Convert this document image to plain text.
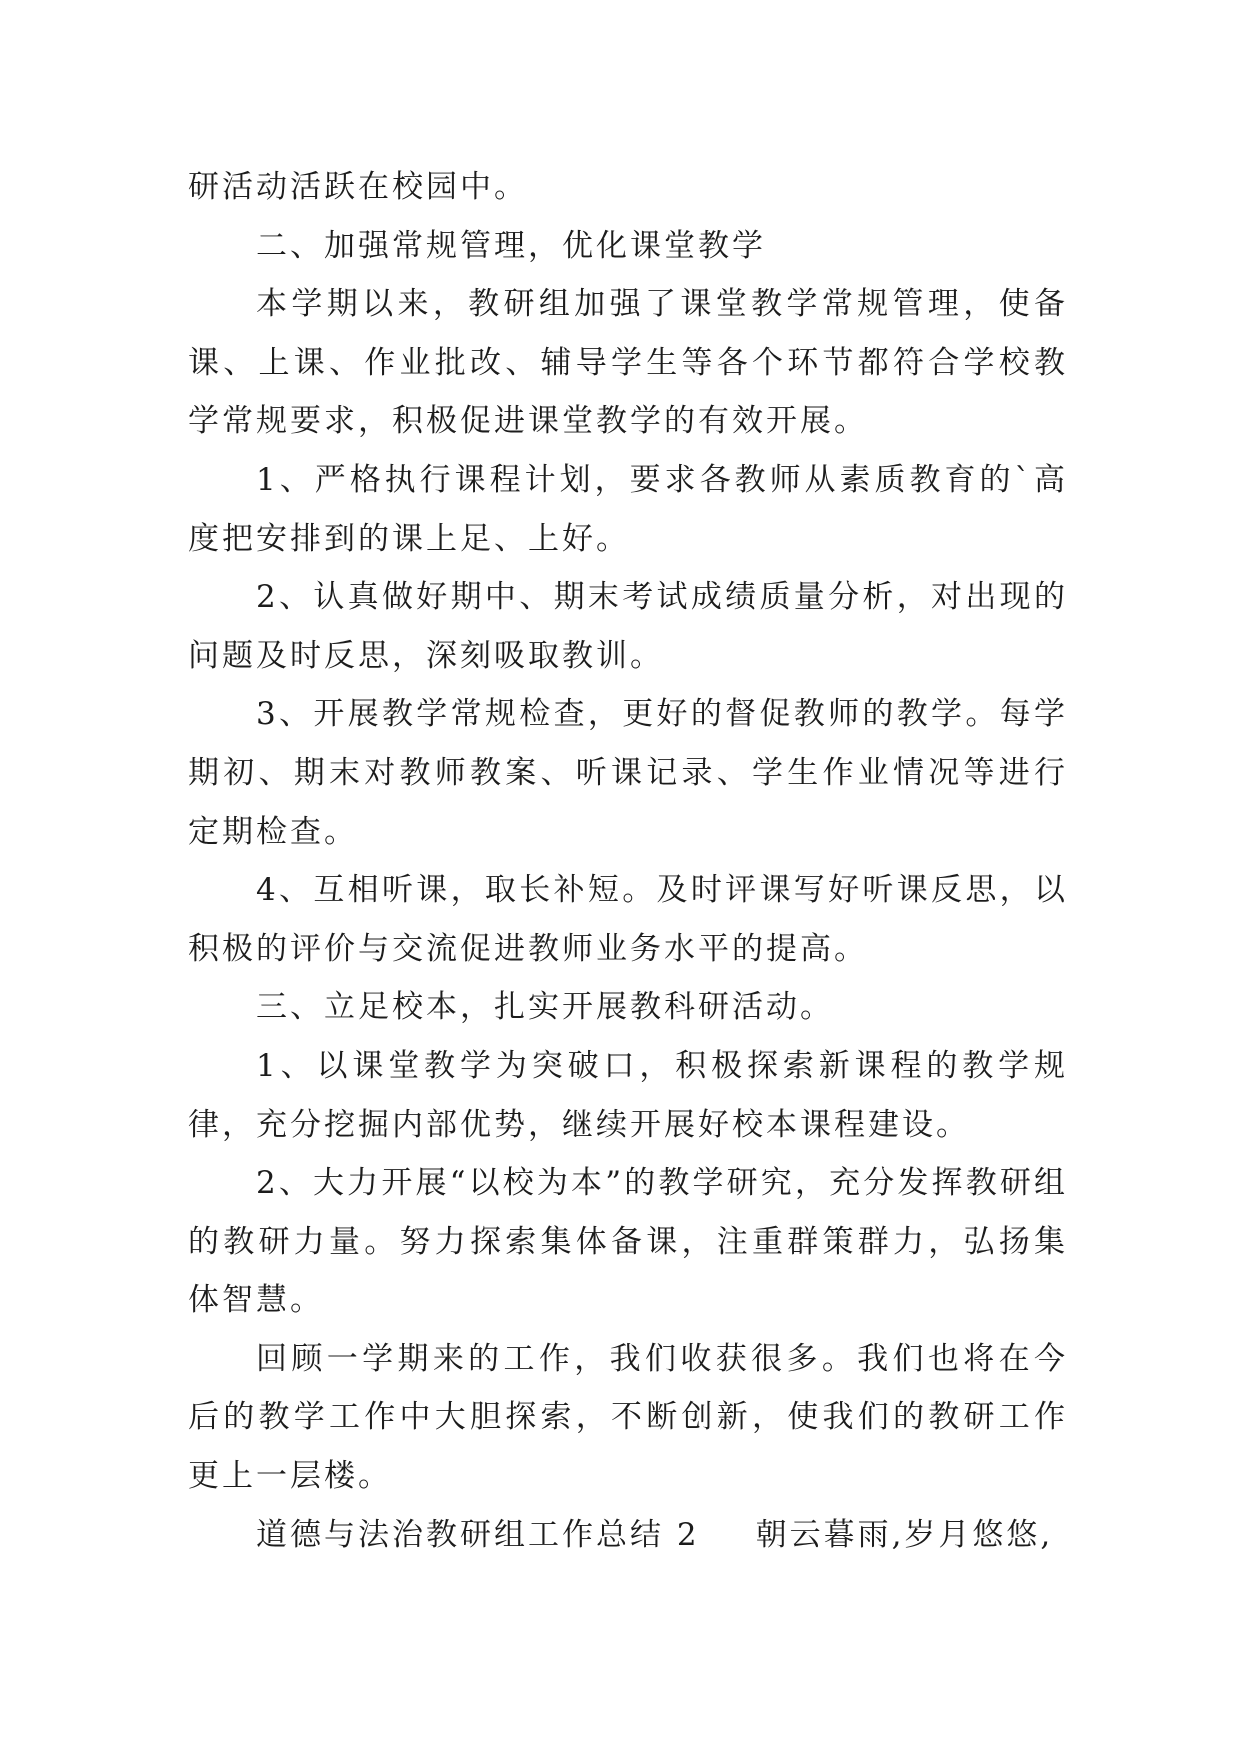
研活动活跃在校园中。

二、加强常规管理，优化课堂教学

本学期以来，教研组加强了课堂教学常规管理，使备课、上课、作业批改、辅导学生等各个环节都符合学校教学常规要求，积极促进课堂教学的有效开展。

1、严格执行课程计划，要求各教师从素质教育的`高度把安排到的课上足、上好。

2、认真做好期中、期末考试成绩质量分析，对出现的问题及时反思，深刻吸取教训。

3、开展教学常规检查，更好的督促教师的教学。每学期初、期末对教师教案、听课记录、学生作业情况等进行定期检查。

4、互相听课，取长补短。及时评课写好听课反思，以积极的评价与交流促进教师业务水平的提高。

三、立足校本，扎实开展教科研活动。

1、以课堂教学为突破口，积极探索新课程的教学规律，充分挖掘内部优势，继续开展好校本课程建设。

2、大力开展“以校为本”的教学研究，充分发挥教研组的教研力量。努力探索集体备课，注重群策群力，弘扬集体智慧。

回顾一学期来的工作，我们收获很多。我们也将在今后的教学工作中大胆探索，不断创新，使我们的教研工作更上一层楼。

道德与法治教研组工作总结 2 朝云暮雨,岁月悠悠,
